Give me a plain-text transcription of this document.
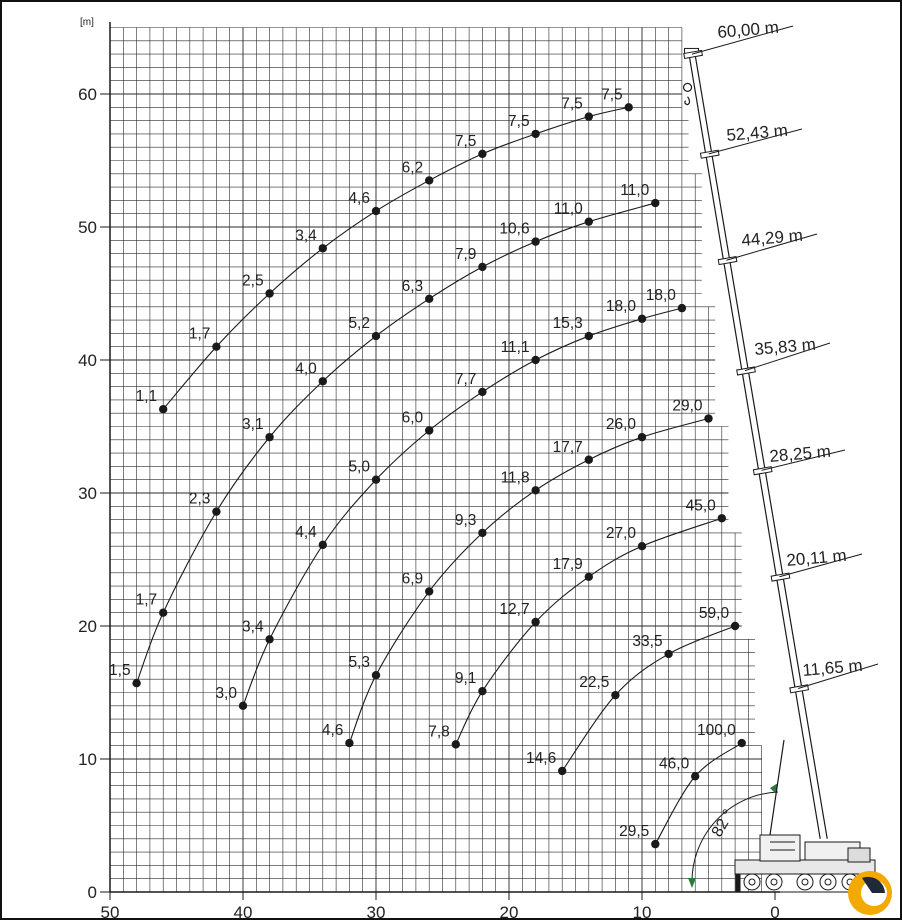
[m]
0
10
20
30
40
50
60
50	40	30	20	10	0
1,1
1,7
2,5
3,4
4,6
6,2
7,5
7,5
7,5
7,5
1,5
1,7
2,3
3,1
4,0
5,2
6,3
7,9
10,6
11,0
11,0
3,0
3,4
4,4
5,0
6,0
7,7
11,1
15,3
18,0
18,0
4,6
5,3
6,9
9,3
11,8
17,7
26,0
29,0
7,8
9,1
12,7
17,9
27,0
45,0
14,6
22,5
33,5
59,0
29,5
46,0
100,0
60,00 m
52,43 m
44,29 m
35,83 m
28,25 m
20,11 m
11,65 m
82 °
